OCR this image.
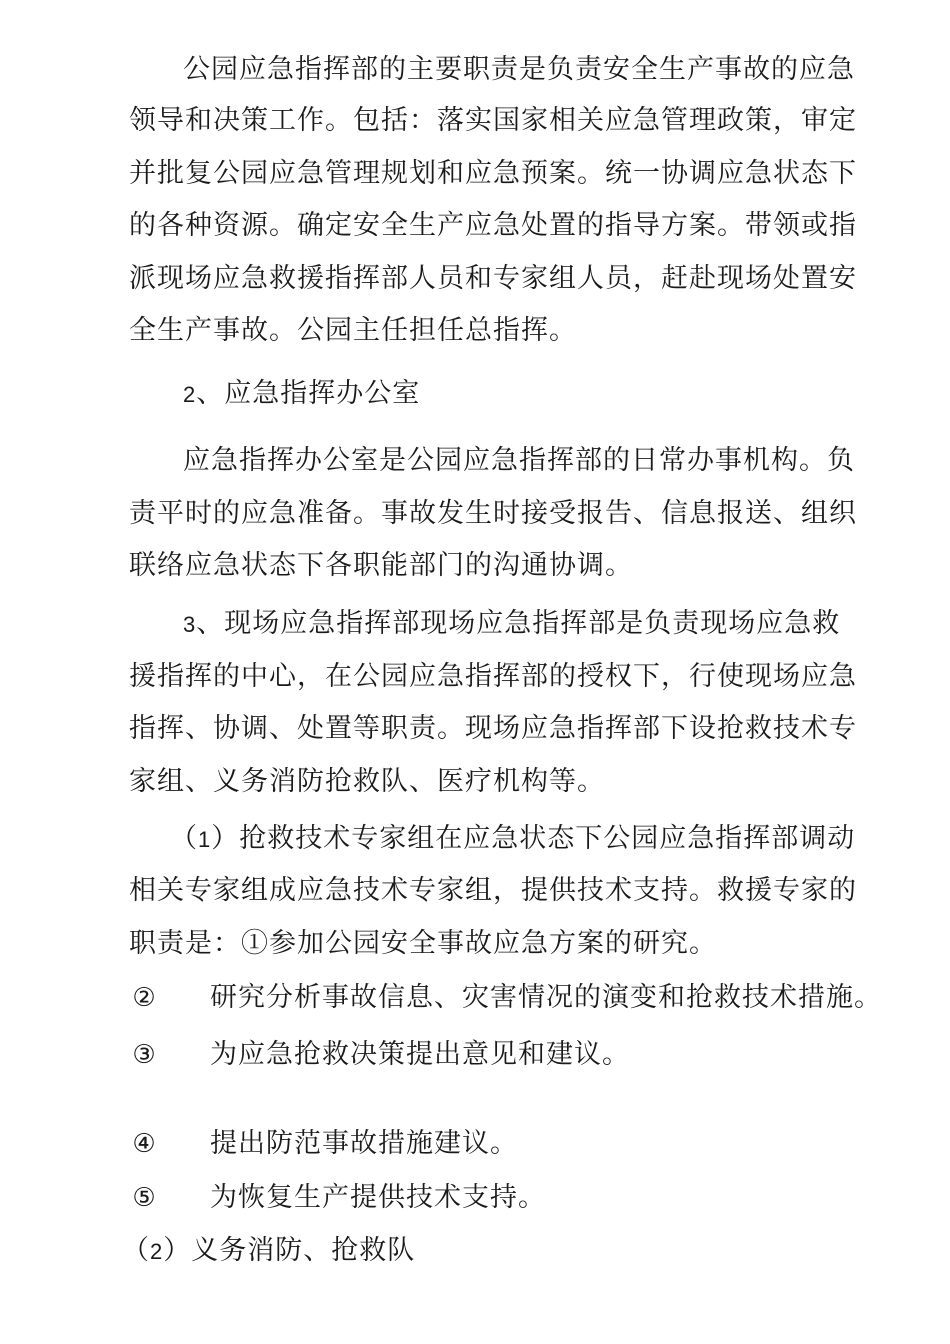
公园应急指挥部的主要职责是负责安全生产事故的应急
领导和决策工作。包括：落实国家相关应急管理政策，审定
并批复公园应急管理规划和应急预案。统一协调应急状态下
的各种资源。确定安全生产应急处置的指导方案。带领或指
派现场应急救援指挥部人员和专家组人员，赶赴现场处置安
全生产事故。公园主任担任总指挥。
2、应急指挥办公室
应急指挥办公室是公园应急指挥部的日常办事机构。负
责平时的应急准备。事故发生时接受报告、信息报送、组织
联络应急状态下各职能部门的沟通协调。
3、现场应急指挥部现场应急指挥部是负责现场应急救
援指挥的中心，在公园应急指挥部的授权下，行使现场应急
指挥、协调、处置等职责。现场应急指挥部下设抢救技术专
家组、义务消防抢救队、医疗机构等。
（1）抢救技术专家组在应急状态下公园应急指挥部调动
相关专家组成应急技术专家组，提供技术支持。救援专家的
职责是：①参加公园安全事故应急方案的研究。
② 研究分析事故信息、灾害情况的演变和抢救技术措施。
③ 为应急抢救决策提出意见和建议。
④ 提出防范事故措施建议。
⑤ 为恢复生产提供技术支持。
（2）义务消防、抢救队
